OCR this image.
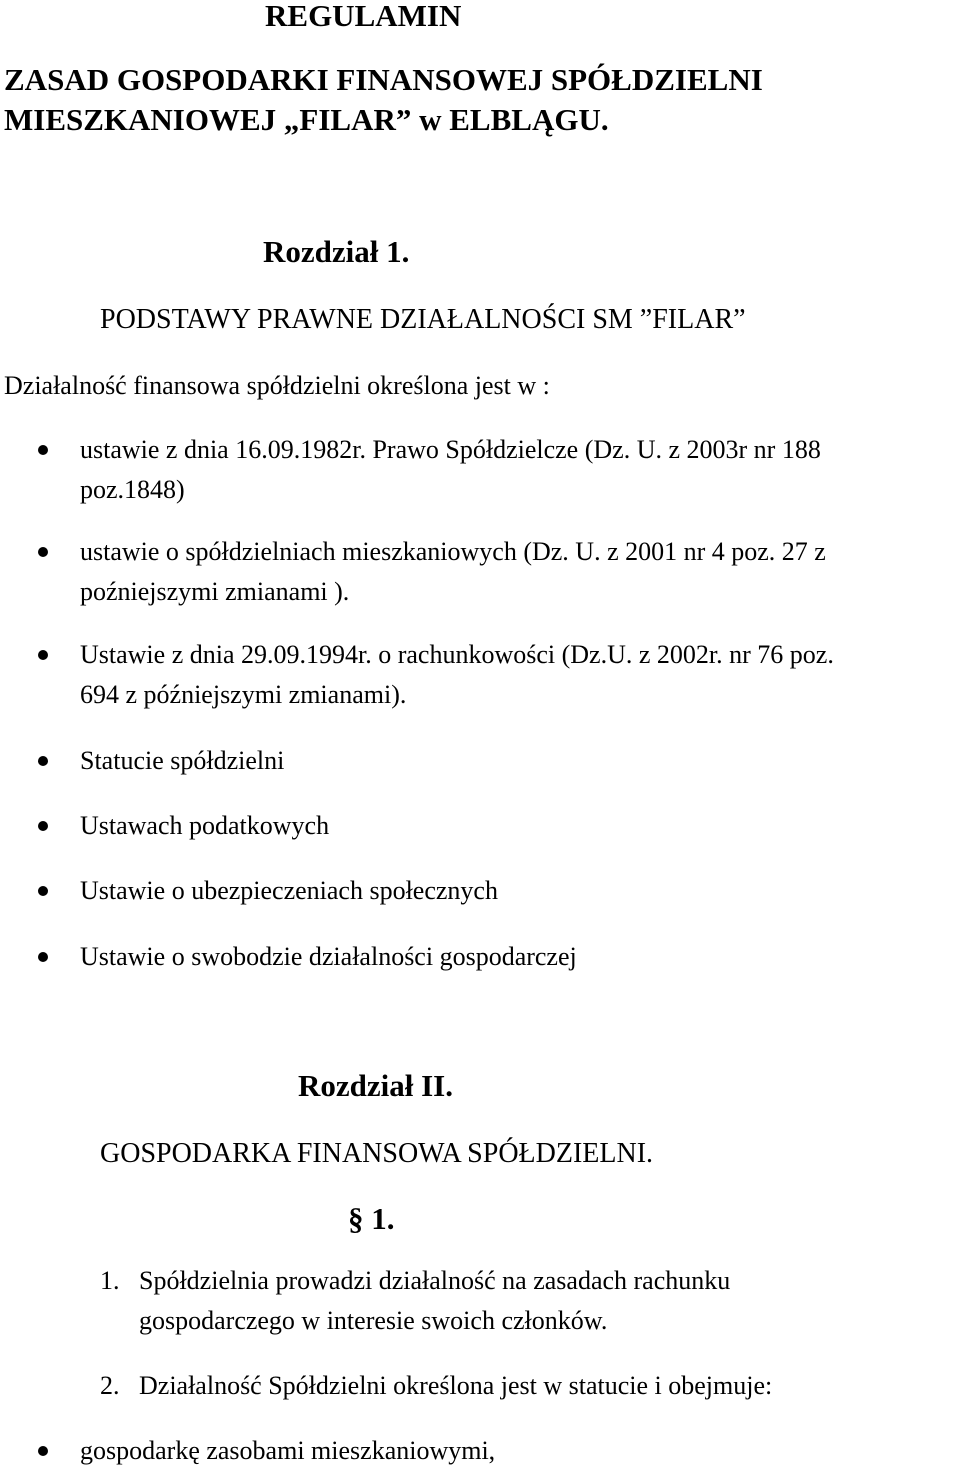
REGULAMIN
ZASAD GOSPODARKI FINANSOWEJ SPÓŁDZIELNI
MIESZKANIOWEJ „FILAR” w ELBLĄGU.
Rozdział 1.
PODSTAWY PRAWNE DZIAŁALNOŚCI SM ”FILAR”
Działalność finansowa spółdzielni określona jest w :
ustawie z dnia 16.09.1982r. Prawo Spółdzielcze (Dz. U. z 2003r nr 188
poz.1848)
ustawie o spółdzielniach mieszkaniowych (Dz. U. z 2001 nr 4 poz. 27 z
poźniejszymi zmianami ).
Ustawie z dnia 29.09.1994r. o rachunkowości (Dz.U. z 2002r. nr 76 poz.
694 z późniejszymi zmianami).
Statucie spółdzielni
Ustawach podatkowych
Ustawie o ubezpieczeniach społecznych
Ustawie o swobodzie działalności gospodarczej
Rozdział II.
GOSPODARKA FINANSOWA SPÓŁDZIELNI.
§ 1.
1. Spółdzielnia prowadzi działalność na zasadach rachunku
gospodarczego w interesie swoich członków.
2. Działalność Spółdzielni określona jest w statucie i obejmuje:
gospodarkę zasobami mieszkaniowymi,
